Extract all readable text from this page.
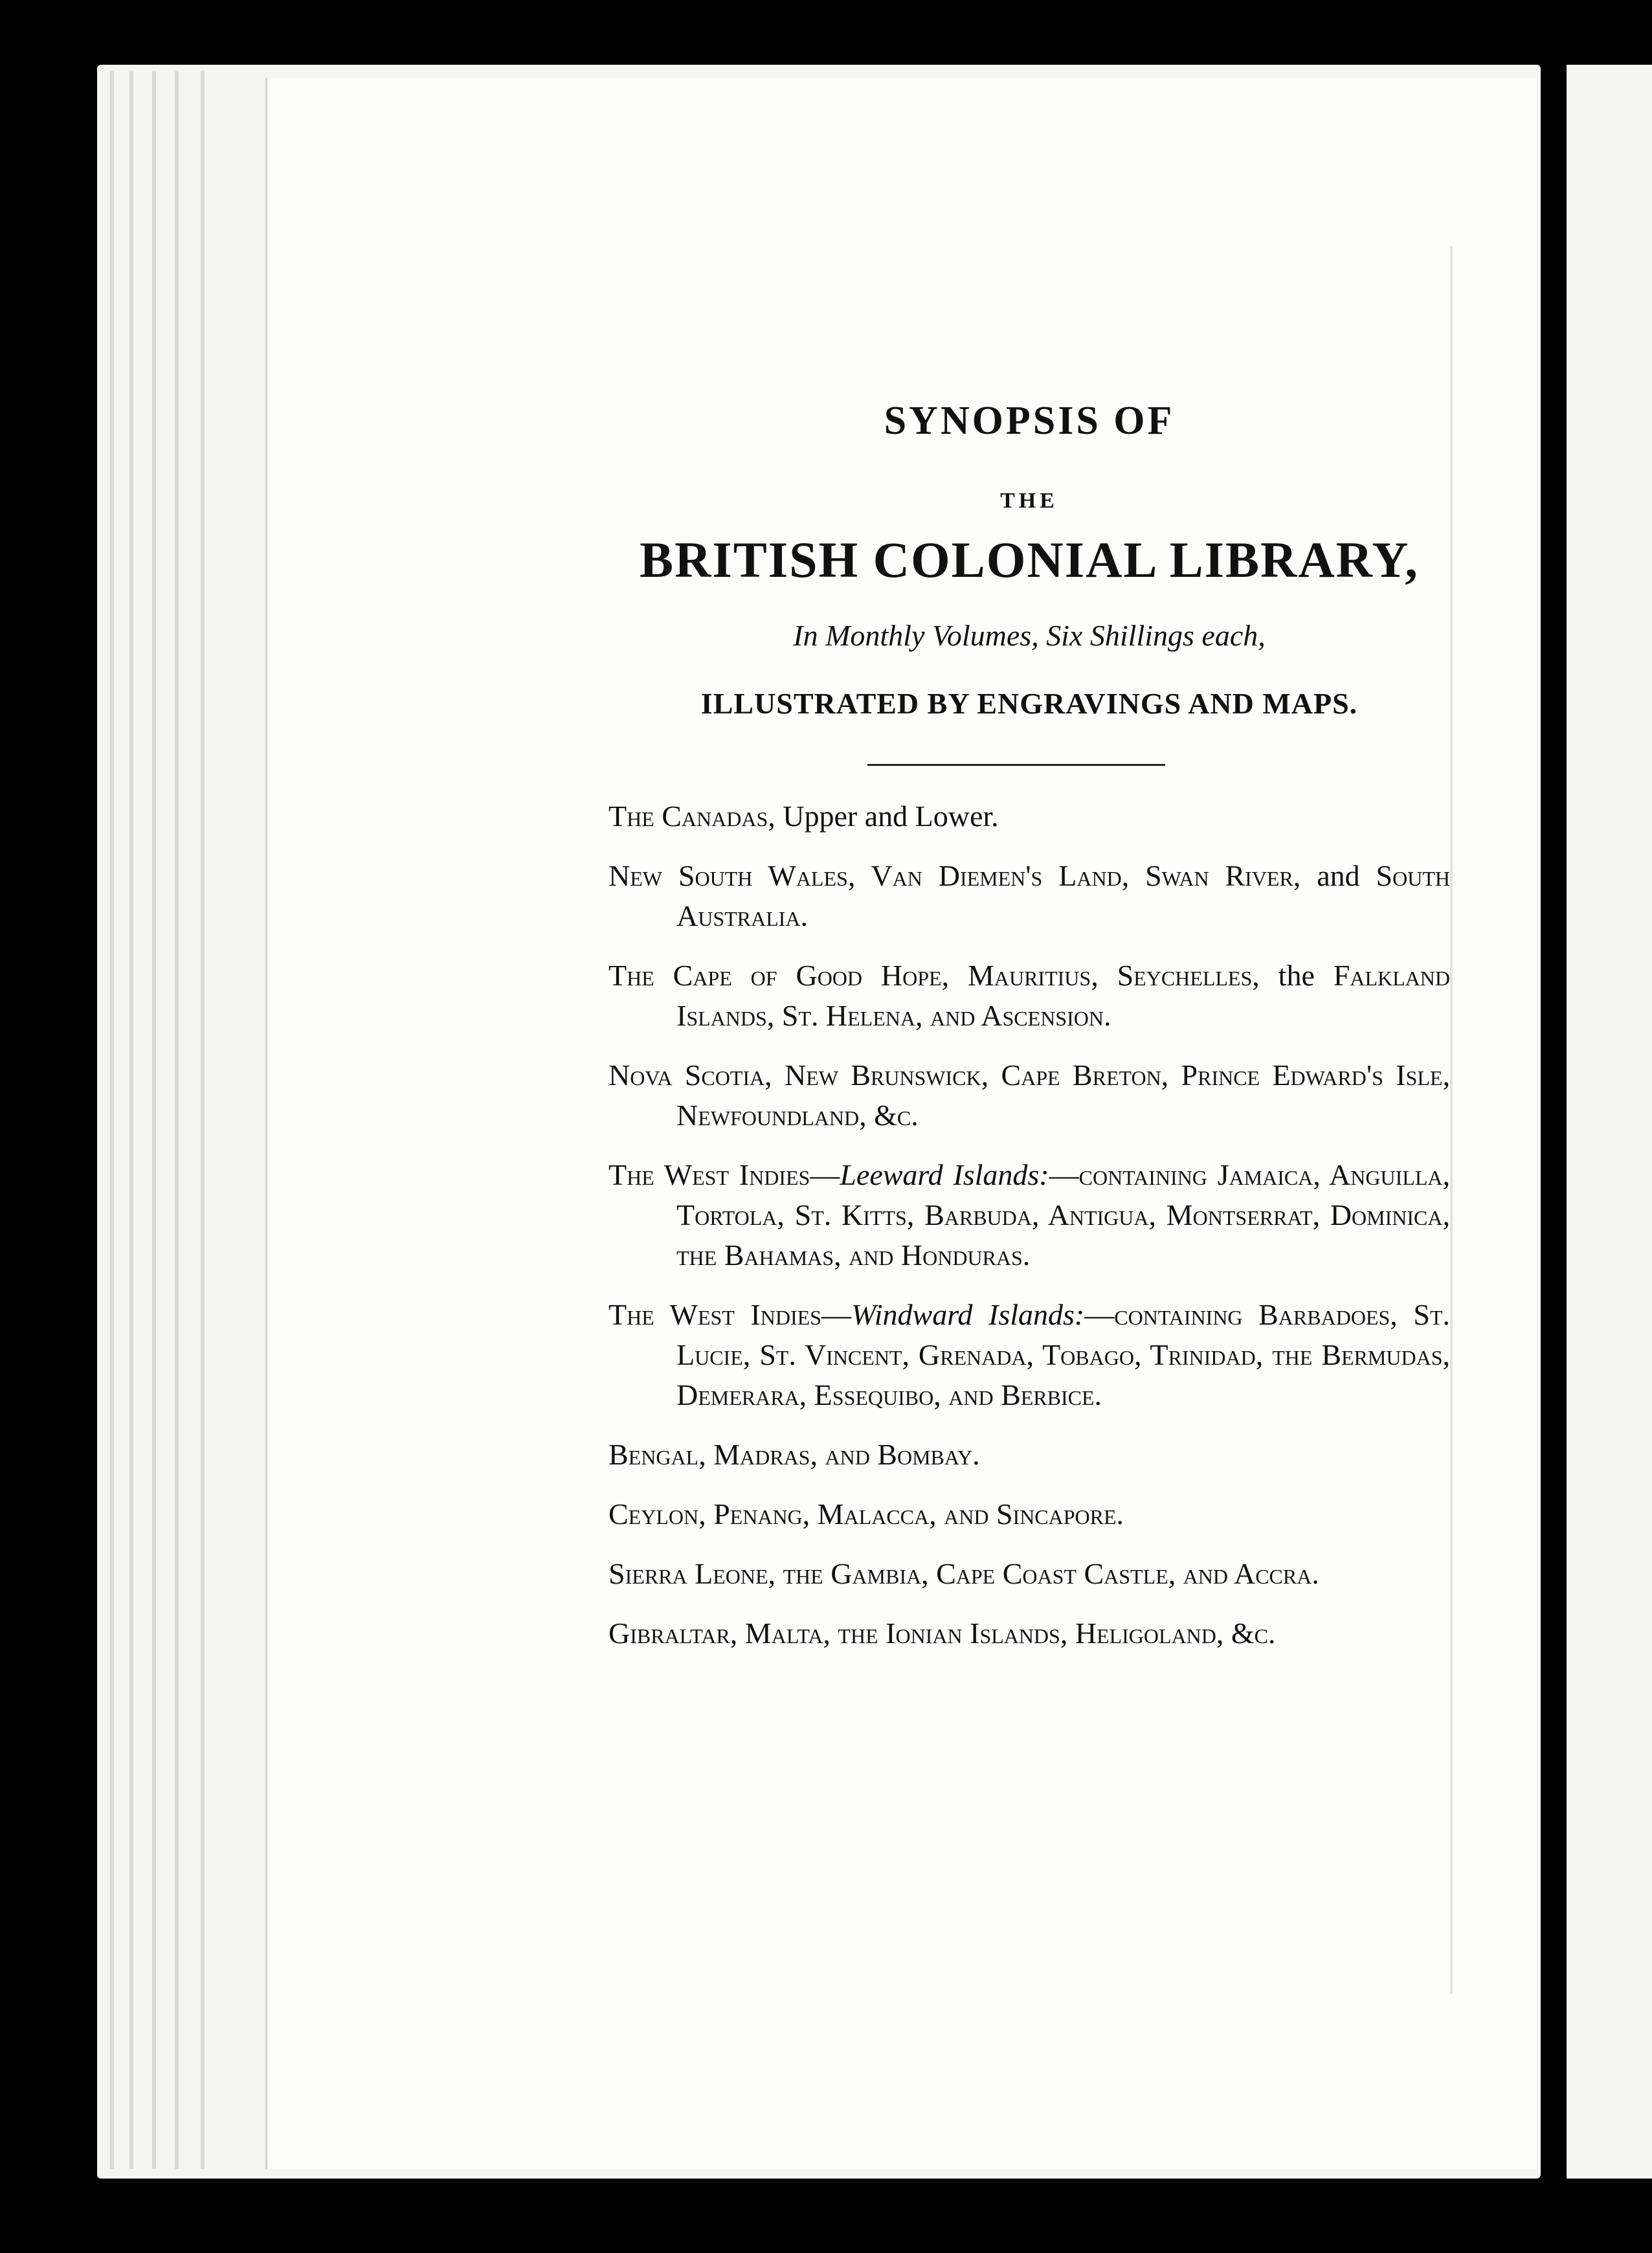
SYNOPSIS OF
THE
BRITISH COLONIAL LIBRARY,
In Monthly Volumes, Six Shillings each,
ILLUSTRATED BY ENGRAVINGS AND MAPS.

The Canadas, Upper and Lower.

New South Wales, Van Diemen's Land, Swan River, and South Australia.

The Cape of Good Hope, Mauritius, Seychelles, the Falkland Islands, St. Helena, and Ascension.

Nova Scotia, New Brunswick, Cape Breton, Prince Edward's Isle, Newfoundland, &c.

The West Indies—Leeward Islands:—containing Jamaica, Anguilla, Tortola, St. Kitts, Barbuda, Antigua, Montserrat, Dominica, the Bahamas, and Honduras.

The West Indies—Windward Islands:—containing Barbadoes, St. Lucie, St. Vincent, Grenada, Tobago, Trinidad, the Bermudas, Demerara, Essequibo, and Berbice.

Bengal, Madras, and Bombay.

Ceylon, Penang, Malacca, and Sincapore.

Sierra Leone, the Gambia, Cape Coast Castle, and Accra.

Gibraltar, Malta, the Ionian Islands, Heligoland, &c.
